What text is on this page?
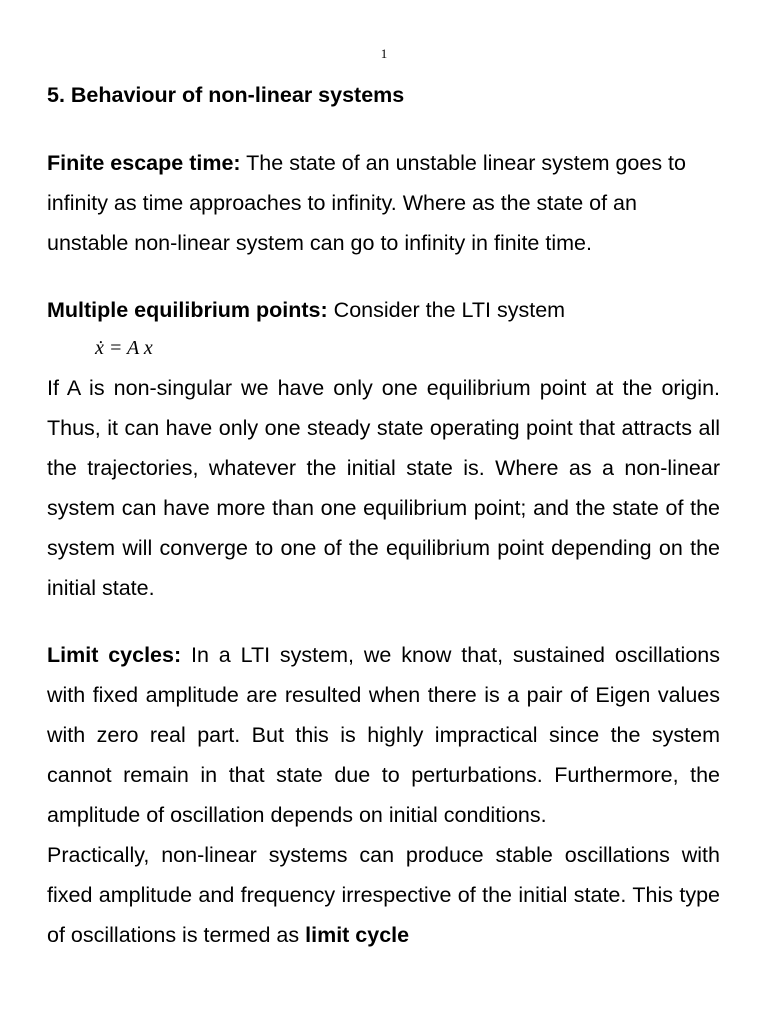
1
5. Behaviour of non-linear systems

Finite escape time: The state of an unstable linear system goes to infinity as time approaches to infinity. Where as the state of an unstable non-linear system can go to infinity in finite time.

Multiple equilibrium points: Consider the LTI system

ẋ = A x

If A is non-singular we have only one equilibrium point at the origin. Thus, it can have only one steady state operating point that attracts all the trajectories, whatever the initial state is. Where as a non-linear system can have more than one equilibrium point; and the state of the system will converge to one of the equilibrium point depending on the initial state.

Limit cycles: In a LTI system, we know that, sustained oscillations with fixed amplitude are resulted when there is a pair of Eigen values with zero real part. But this is highly impractical since the system cannot remain in that state due to perturbations. Furthermore, the amplitude of oscillation depends on initial conditions.

Practically, non-linear systems can produce stable oscillations with fixed amplitude and frequency irrespective of the initial state. This type of oscillations is termed as limit cycle
